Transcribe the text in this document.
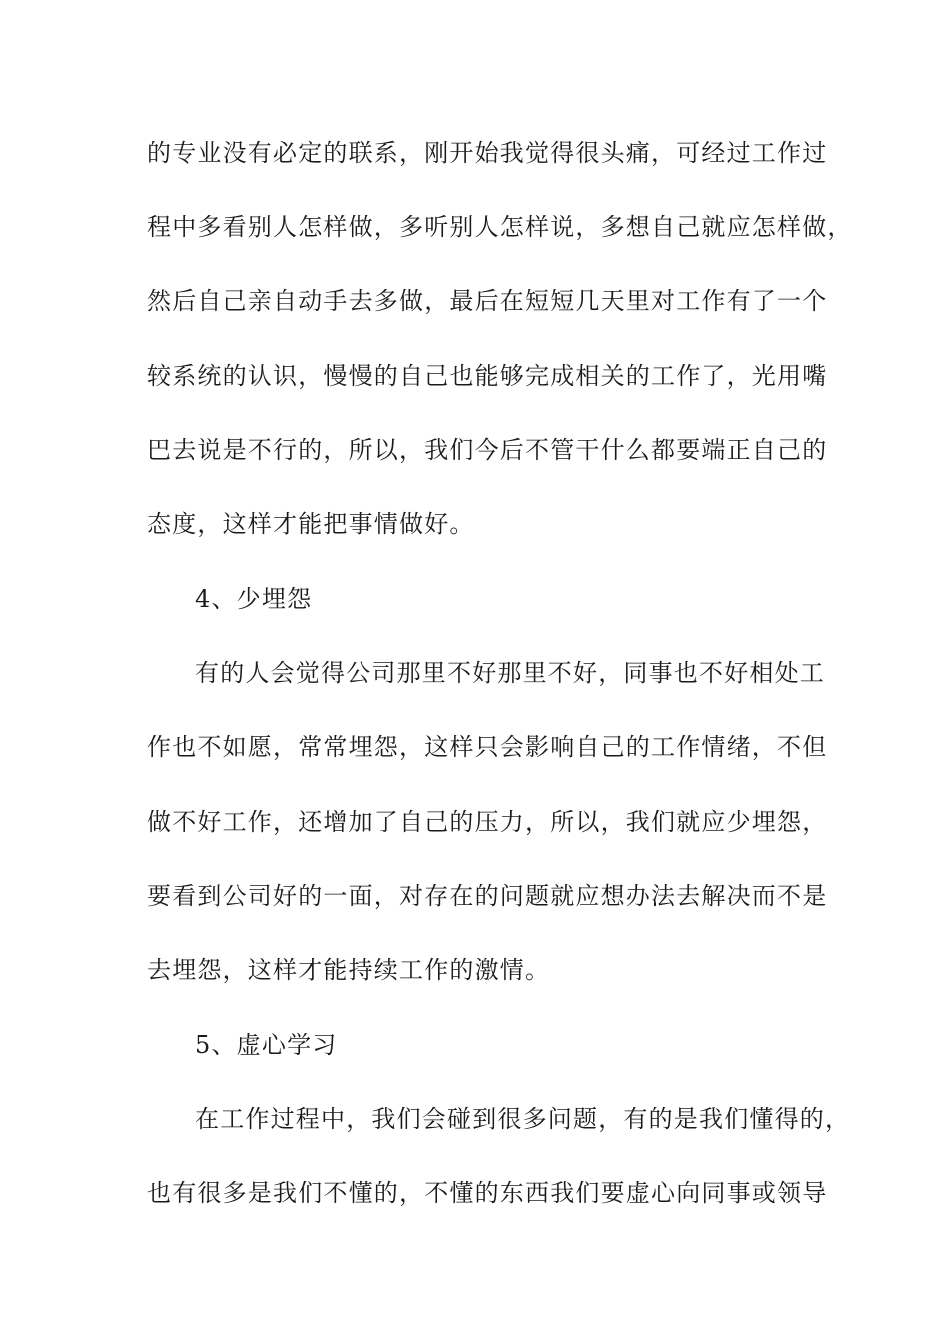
的专业没有必定的联系，刚开始我觉得很头痛，可经过工作过
程中多看别人怎样做，多听别人怎样说，多想自己就应怎样做，
然后自己亲自动手去多做，最后在短短几天里对工作有了一个
较系统的认识，慢慢的自己也能够完成相关的工作了，光用嘴
巴去说是不行的，所以，我们今后不管干什么都要端正自己的
态度，这样才能把事情做好。
4、少埋怨
有的人会觉得公司那里不好那里不好，同事也不好相处工
作也不如愿，常常埋怨，这样只会影响自己的工作情绪，不但
做不好工作，还增加了自己的压力，所以，我们就应少埋怨，
要看到公司好的一面，对存在的问题就应想办法去解决而不是
去埋怨，这样才能持续工作的激情。
5、虚心学习
在工作过程中，我们会碰到很多问题，有的是我们懂得的，
也有很多是我们不懂的，不懂的东西我们要虚心向同事或领导
